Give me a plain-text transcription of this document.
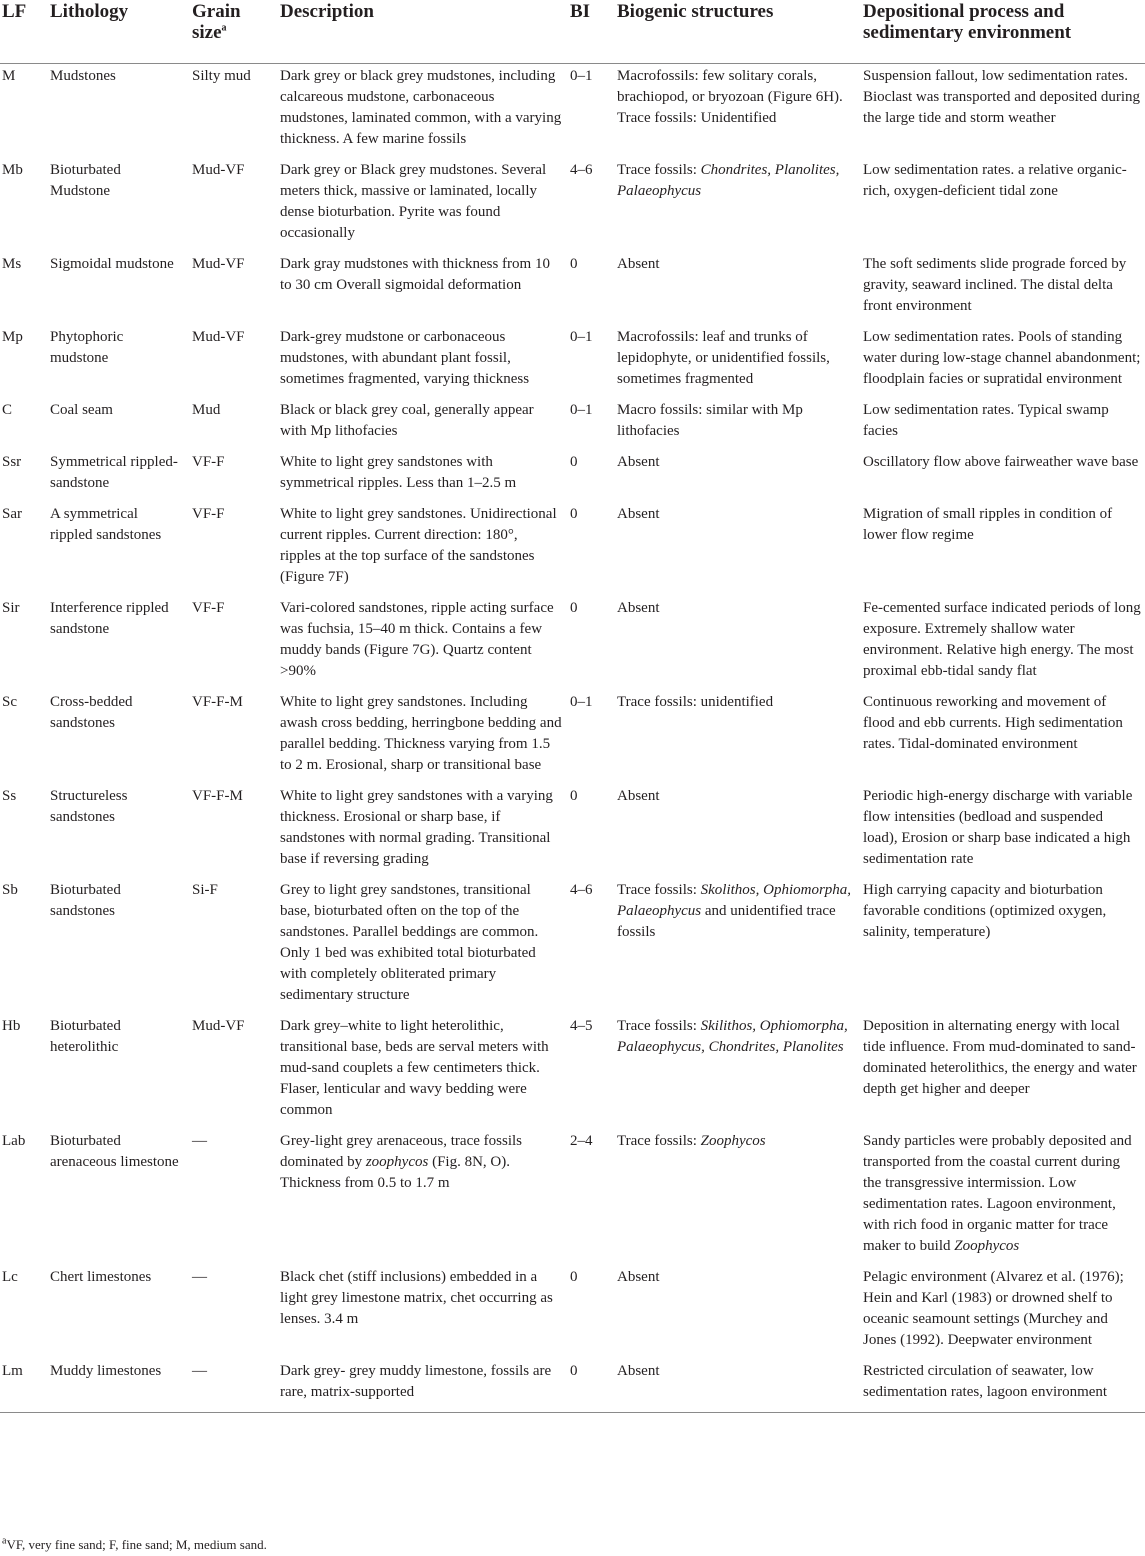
LF	Lithology	Grain size$^a$	Description	BI	Biogenic structures	Depositional process and sedimentary environment
M	Mudstones	Silty mud	Dark grey or black grey mudstones, including calcareous mudstone, carbonaceous mudstones, laminated common, with a varying thickness. A few marine fossils	0–1	Macrofossils: few solitary corals, brachiopod, or bryozoan (Figure 6H). Trace fossils: Unidentified	Suspension fallout, low sedimentation rates. Bioclast was transported and deposited during the large tide and storm weather
Mb	Bioturbated Mudstone	Mud-VF	Dark grey or Black grey mudstones. Several meters thick, massive or laminated, locally dense bioturbation. Pyrite was found occasionally	4–6	Trace fossils: Chondrites, Planolites, Palaeophycus	Low sedimentation rates. a relative organic-rich, oxygen-deficient tidal zone
Ms	Sigmoidal mudstone	Mud-VF	Dark gray mudstones with thickness from 10 to 30 cm Overall sigmoidal deformation	0	Absent	The soft sediments slide prograde forced by gravity, seaward inclined. The distal delta front environment
Mp	Phytophoric mudstone	Mud-VF	Dark-grey mudstone or carbonaceous mudstones, with abundant plant fossil, sometimes fragmented, varying thickness	0–1	Macrofossils: leaf and trunks of lepidophyte, or unidentified fossils, sometimes fragmented	Low sedimentation rates. Pools of standing water during low-stage channel abandonment; floodplain facies or supratidal environment
C	Coal seam	Mud	Black or black grey coal, generally appear with Mp lithofacies	0–1	Macro fossils: similar with Mp lithofacies	Low sedimentation rates. Typical swamp facies
Ssr	Symmetrical rippled-sandstone	VF-F	White to light grey sandstones with symmetrical ripples. Less than 1–2.5 m	0	Absent	Oscillatory flow above fairweather wave base
Sar	A symmetrical rippled sandstones	VF-F	White to light grey sandstones. Unidirectional current ripples. Current direction: 180°, ripples at the top surface of the sandstones (Figure 7F)	0	Absent	Migration of small ripples in condition of lower flow regime
Sir	Interference rippled sandstone	VF-F	Vari-colored sandstones, ripple acting surface was fuchsia, 15–40 m thick. Contains a few muddy bands (Figure 7G). Quartz content >90%	0	Absent	Fe-cemented surface indicated periods of long exposure. Extremely shallow water environment. Relative high energy. The most proximal ebb-tidal sandy flat
Sc	Cross-bedded sandstones	VF-F-M	White to light grey sandstones. Including awash cross bedding, herringbone bedding and parallel bedding. Thickness varying from 1.5 to 2 m. Erosional, sharp or transitional base	0–1	Trace fossils: unidentified	Continuous reworking and movement of flood and ebb currents. High sedimentation rates. Tidal-dominated environment
Ss	Structureless sandstones	VF-F-M	White to light grey sandstones with a varying thickness. Erosional or sharp base, if sandstones with normal grading. Transitional base if reversing grading	0	Absent	Periodic high-energy discharge with variable flow intensities (bedload and suspended load), Erosion or sharp base indicated a high sedimentation rate
Sb	Bioturbated sandstones	Si-F	Grey to light grey sandstones, transitional base, bioturbated often on the top of the sandstones. Parallel beddings are common. Only 1 bed was exhibited total bioturbated with completely obliterated primary sedimentary structure	4–6	Trace fossils: Skolithos, Ophiomorpha, Palaeophycus and unidentified trace fossils	High carrying capacity and bioturbation favorable conditions (optimized oxygen, salinity, temperature)
Hb	Bioturbated heterolithic	Mud-VF	Dark grey–white to light heterolithic, transitional base, beds are serval meters with mud-sand couplets a few centimeters thick. Flaser, lenticular and wavy bedding were common	4–5	Trace fossils: Skilithos, Ophiomorpha, Palaeophycus, Chondrites, Planolites	Deposition in alternating energy with local tide influence. From mud-dominated to sand-dominated heterolithics, the energy and water depth get higher and deeper
Lab	Bioturbated arenaceous limestone	—	Grey-light grey arenaceous, trace fossils dominated by zoophycos (Fig. 8N, O). Thickness from 0.5 to 1.7 m	2–4	Trace fossils: Zoophycos	Sandy particles were probably deposited and transported from the coastal current during the transgressive intermission. Low sedimentation rates. Lagoon environment, with rich food in organic matter for trace maker to build Zoophycos
Lc	Chert limestones	—	Black chet (stiff inclusions) embedded in a light grey limestone matrix, chet occurring as lenses. 3.4 m	0	Absent	Pelagic environment (Alvarez et al. (1976); Hein and Karl (1983) or drowned shelf to oceanic seamount settings (Murchey and Jones (1992). Deepwater environment
Lm	Muddy limestones	—	Dark grey- grey muddy limestone, fossils are rare, matrix-supported	0	Absent	Restricted circulation of seawater, low sedimentation rates, lagoon environment
$^a$VF, very fine sand; F, fine sand; M, medium sand.
